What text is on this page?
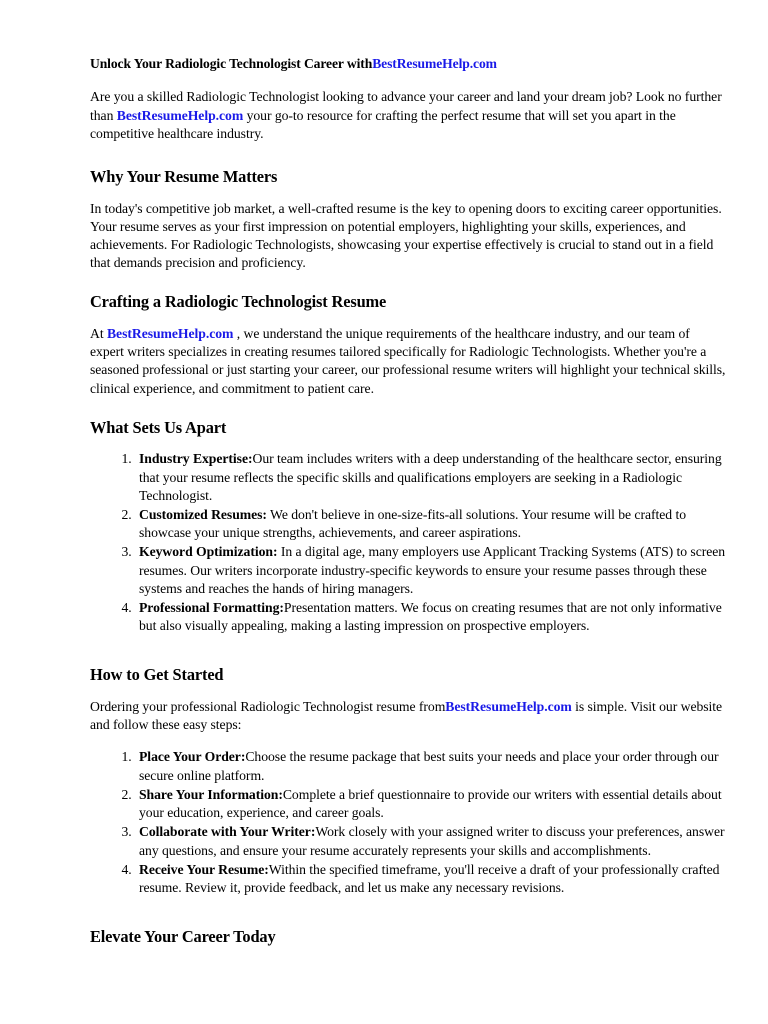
Unlock Your Radiologic Technologist Career withBestResumeHelp.com

Are you a skilled Radiologic Technologist looking to advance your career and land your dream job? Look no further than BestResumeHelp.com your go-to resource for crafting the perfect resume that will set you apart in the competitive healthcare industry.

Why Your Resume Matters

In today's competitive job market, a well-crafted resume is the key to opening doors to exciting career opportunities. Your resume serves as your first impression on potential employers, highlighting your skills, experiences, and achievements. For Radiologic Technologists, showcasing your expertise effectively is crucial to stand out in a field that demands precision and proficiency.

Crafting a Radiologic Technologist Resume

At BestResumeHelp.com , we understand the unique requirements of the healthcare industry, and our team of expert writers specializes in creating resumes tailored specifically for Radiologic Technologists. Whether you're a seasoned professional or just starting your career, our professional resume writers will highlight your technical skills, clinical experience, and commitment to patient care.

What Sets Us Apart
1. Industry Expertise:Our team includes writers with a deep understanding of the healthcare sector, ensuring that your resume reflects the specific skills and qualifications employers are seeking in a Radiologic Technologist.
2. Customized Resumes: We don't believe in one-size-fits-all solutions. Your resume will be crafted to showcase your unique strengths, achievements, and career aspirations.
3. Keyword Optimization: In a digital age, many employers use Applicant Tracking Systems (ATS) to screen resumes. Our writers incorporate industry-specific keywords to ensure your resume passes through these systems and reaches the hands of hiring managers.
4. Professional Formatting:Presentation matters. We focus on creating resumes that are not only informative but also visually appealing, making a lasting impression on prospective employers.
How to Get Started

Ordering your professional Radiologic Technologist resume fromBestResumeHelp.com is simple. Visit our website and follow these easy steps:

1. Place Your Order:Choose the resume package that best suits your needs and place your order through our secure online platform.
2. Share Your Information:Complete a brief questionnaire to provide our writers with essential details about your education, experience, and career goals.
3. Collaborate with Your Writer:Work closely with your assigned writer to discuss your preferences, answer any questions, and ensure your resume accurately represents your skills and accomplishments.
4. Receive Your Resume:Within the specified timeframe, you'll receive a draft of your professionally crafted resume. Review it, provide feedback, and let us make any necessary revisions.
Elevate Your Career Today
